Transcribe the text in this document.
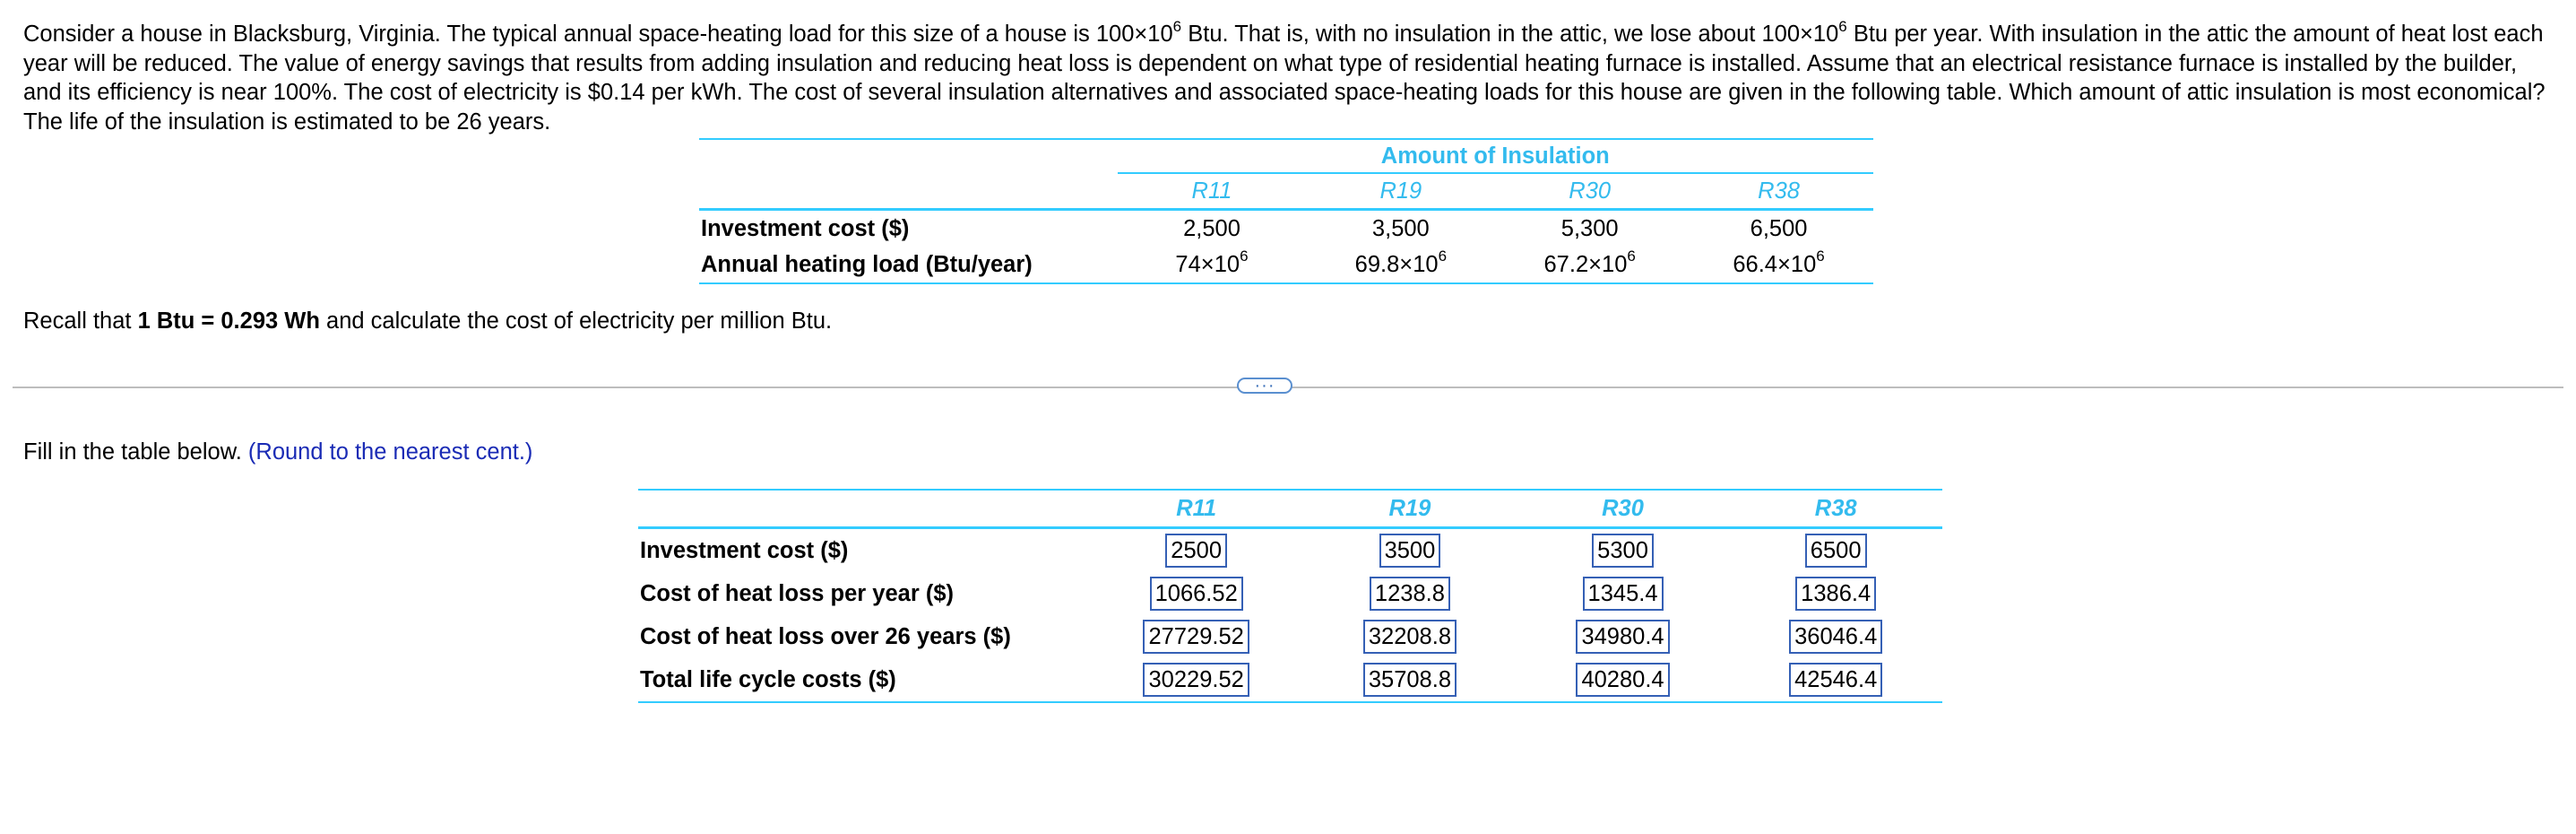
Consider a house in Blacksburg, Virginia. The typical annual space-heating load for this size of a house is $100\times 10^6$ Btu. That is, with no insulation in the attic, we lose about $100\times 10^6$ Btu per year. With insulation in the attic the amount of heat lost each year will be reduced. The value of energy savings that results from adding insulation and reducing heat loss is dependent on what type of residential heating furnace is installed. Assume that an electrical resistance furnace is installed by the builder, and its efficiency is near 100%. The cost of electricity is $0.14 per kWh. The cost of several insulation alternatives and associated space-heating loads for this house are given in the following table. Which amount of attic insulation is most economical? The life of the insulation is estimated to be 26 years.
	Amount of Insulation			
	R11	R19	R30	R38
Investment cost ($)	2,500	3,500	5,300	6,500
Annual heating load (Btu/year)	$74\times 10^6$	$69.8\times 10^6$	$67.2\times 10^6$	$66.4\times 10^6$
Recall that 1 Btu = 0.293 Wh and calculate the cost of electricity per million Btu.
···
Fill in the table below. (Round to the nearest cent.)
	R11	R19	R30	R38
Investment cost ($)	2500	3500	5300	6500
Cost of heat loss per year ($)	1066.52	1238.8	1345.4	1386.4
Cost of heat loss over 26 years ($)	27729.52	32208.8	34980.4	36046.4
Total life cycle costs ($)	30229.52	35708.8	40280.4	42546.4
